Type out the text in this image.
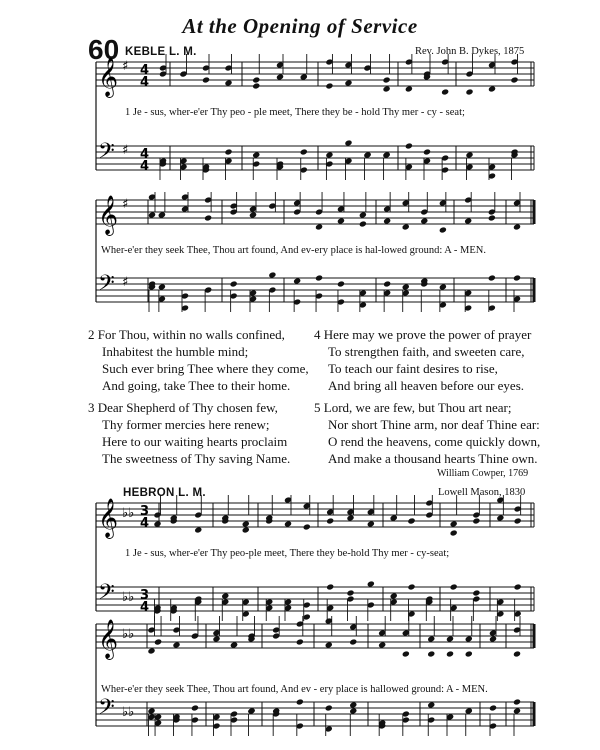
At the Opening of Service
60 KEBLE L. M.	Rev. John B. Dykes, 1875
𝄞 ♯ 4
4
𝄢 ♯ 4
4
𝄞 ♯
𝄢 ♯
𝄞 ♭♭ 3
4
𝄢 ♭♭ 3
4
𝄞 ♭♭
𝄢 ♭♭
1 Je - sus, wher-e'er Thy peo - ple meet, There they be - hold Thy mer - cy - seat;
Wher-e'er they seek Thee, Thou art found, And ev-ery place is hal-lowed ground: A - MEN.
2 For Thou, within no walls confined,
Inhabitest the humble mind;
Such ever bring Thee where they come,
And going, take Thee to their home.
4 Here may we prove the power of prayer
To strengthen faith, and sweeten care,
To teach our faint desires to rise,
And bring all heaven before our eyes.
3 Dear Shepherd of Thy chosen few,
Thy former mercies here renew;
Here to our waiting hearts proclaim
The sweetness of Thy saving Name.
5 Lord, we are few, but Thou art near;
Nor short Thine arm, nor deaf Thine ear:
O rend the heavens, come quickly down,
And make a thousand hearts Thine own.
William Cowper, 1769
HEBRON L. M.	Lowell Mason, 1830
1 Je - sus, wher-e'er Thy peo-ple meet, There they be-hold Thy mer - cy-seat;
Wher-e'er they seek Thee, Thou art found, And ev - ery place is hallowed ground: A - MEN.
